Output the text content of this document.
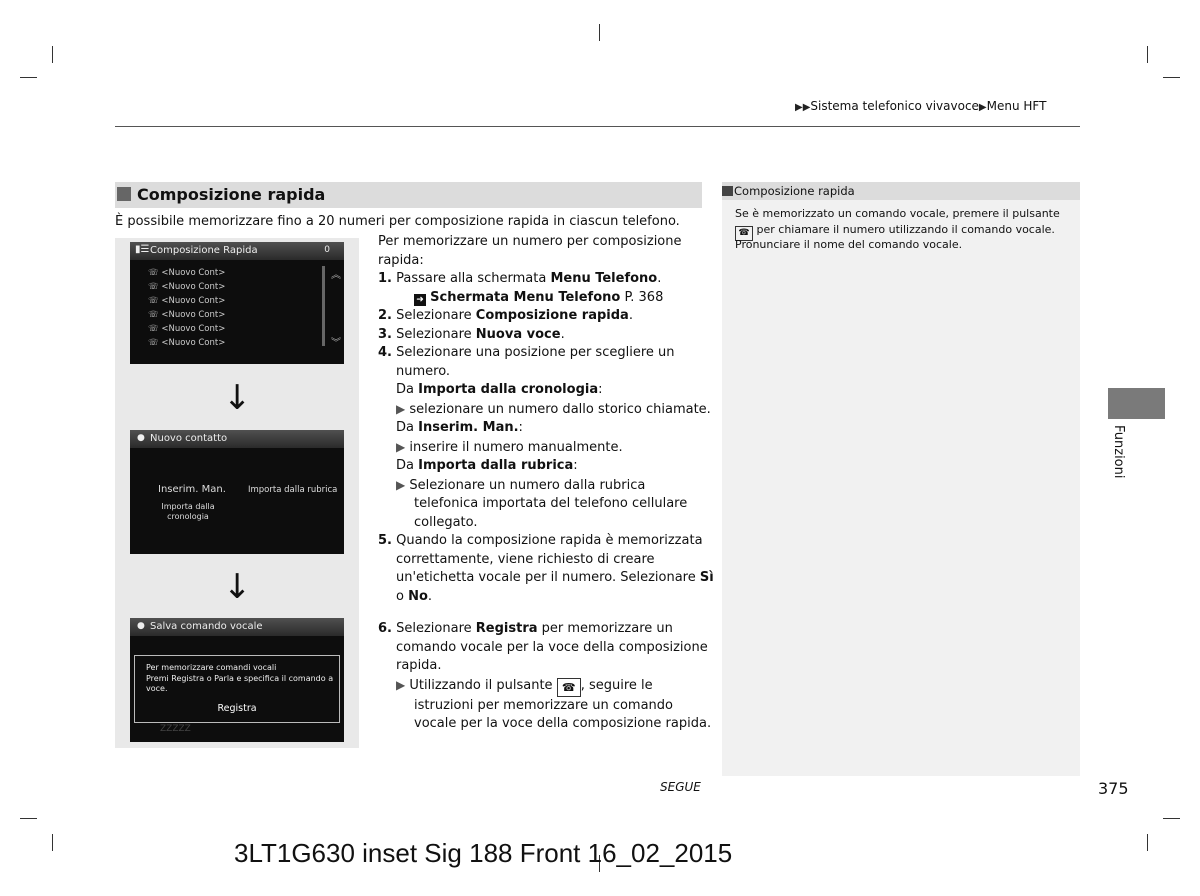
▶▶Sistema telefonico vivavoce▶Menu HFT
Composizione rapida
È possibile memorizzare fino a 20 numeri per composizione rapida in ciascun telefono.
▮☰ Composizione Rapida	0
☏ <Nuovo Cont>
☏ <Nuovo Cont>
☏ <Nuovo Cont>
☏ <Nuovo Cont>
☏ <Nuovo Cont>
☏ <Nuovo Cont>
︽
︾
↓
● Nuovo contatto
Inserim. Man.	Importa dalla rubrica
Importa dalla
cronologia
↓
● Salva comando vocale
Per memorizzare comandi vocali
Premi Registra o Parla e specifica il comando a
voce.
Registra
ZZZZZ
Per memorizzare un numero per composizione
rapida:
1. Passare alla schermata Menu Telefono.
➜ Schermata Menu Telefono P. 368
2. Selezionare Composizione rapida.
3. Selezionare Nuova voce.
4. Selezionare una posizione per scegliere un
numero.
Da Importa dalla cronologia:
▶ selezionare un numero dallo storico chiamate.
Da Inserim. Man.:
▶ inserire il numero manualmente.
Da Importa dalla rubrica:
▶ Selezionare un numero dalla rubrica
telefonica importata del telefono cellulare
collegato.
5. Quando la composizione rapida è memorizzata
correttamente, viene richiesto di creare
un'etichetta vocale per il numero. Selezionare Sì
o No.
6. Selezionare Registra per memorizzare un
comando vocale per la voce della composizione
rapida.
▶ Utilizzando il pulsante ☎ , seguire le
istruzioni per memorizzare un comando
vocale per la voce della composizione rapida.
Composizione rapida

Se è memorizzato un comando vocale, premere il pulsante

☎ per chiamare il numero utilizzando il comando vocale.

Pronunciare il nome del comando vocale.

Funzioni
SEGUE	375
3LT1G630 inset Sig 188 Front 16_02_2015
